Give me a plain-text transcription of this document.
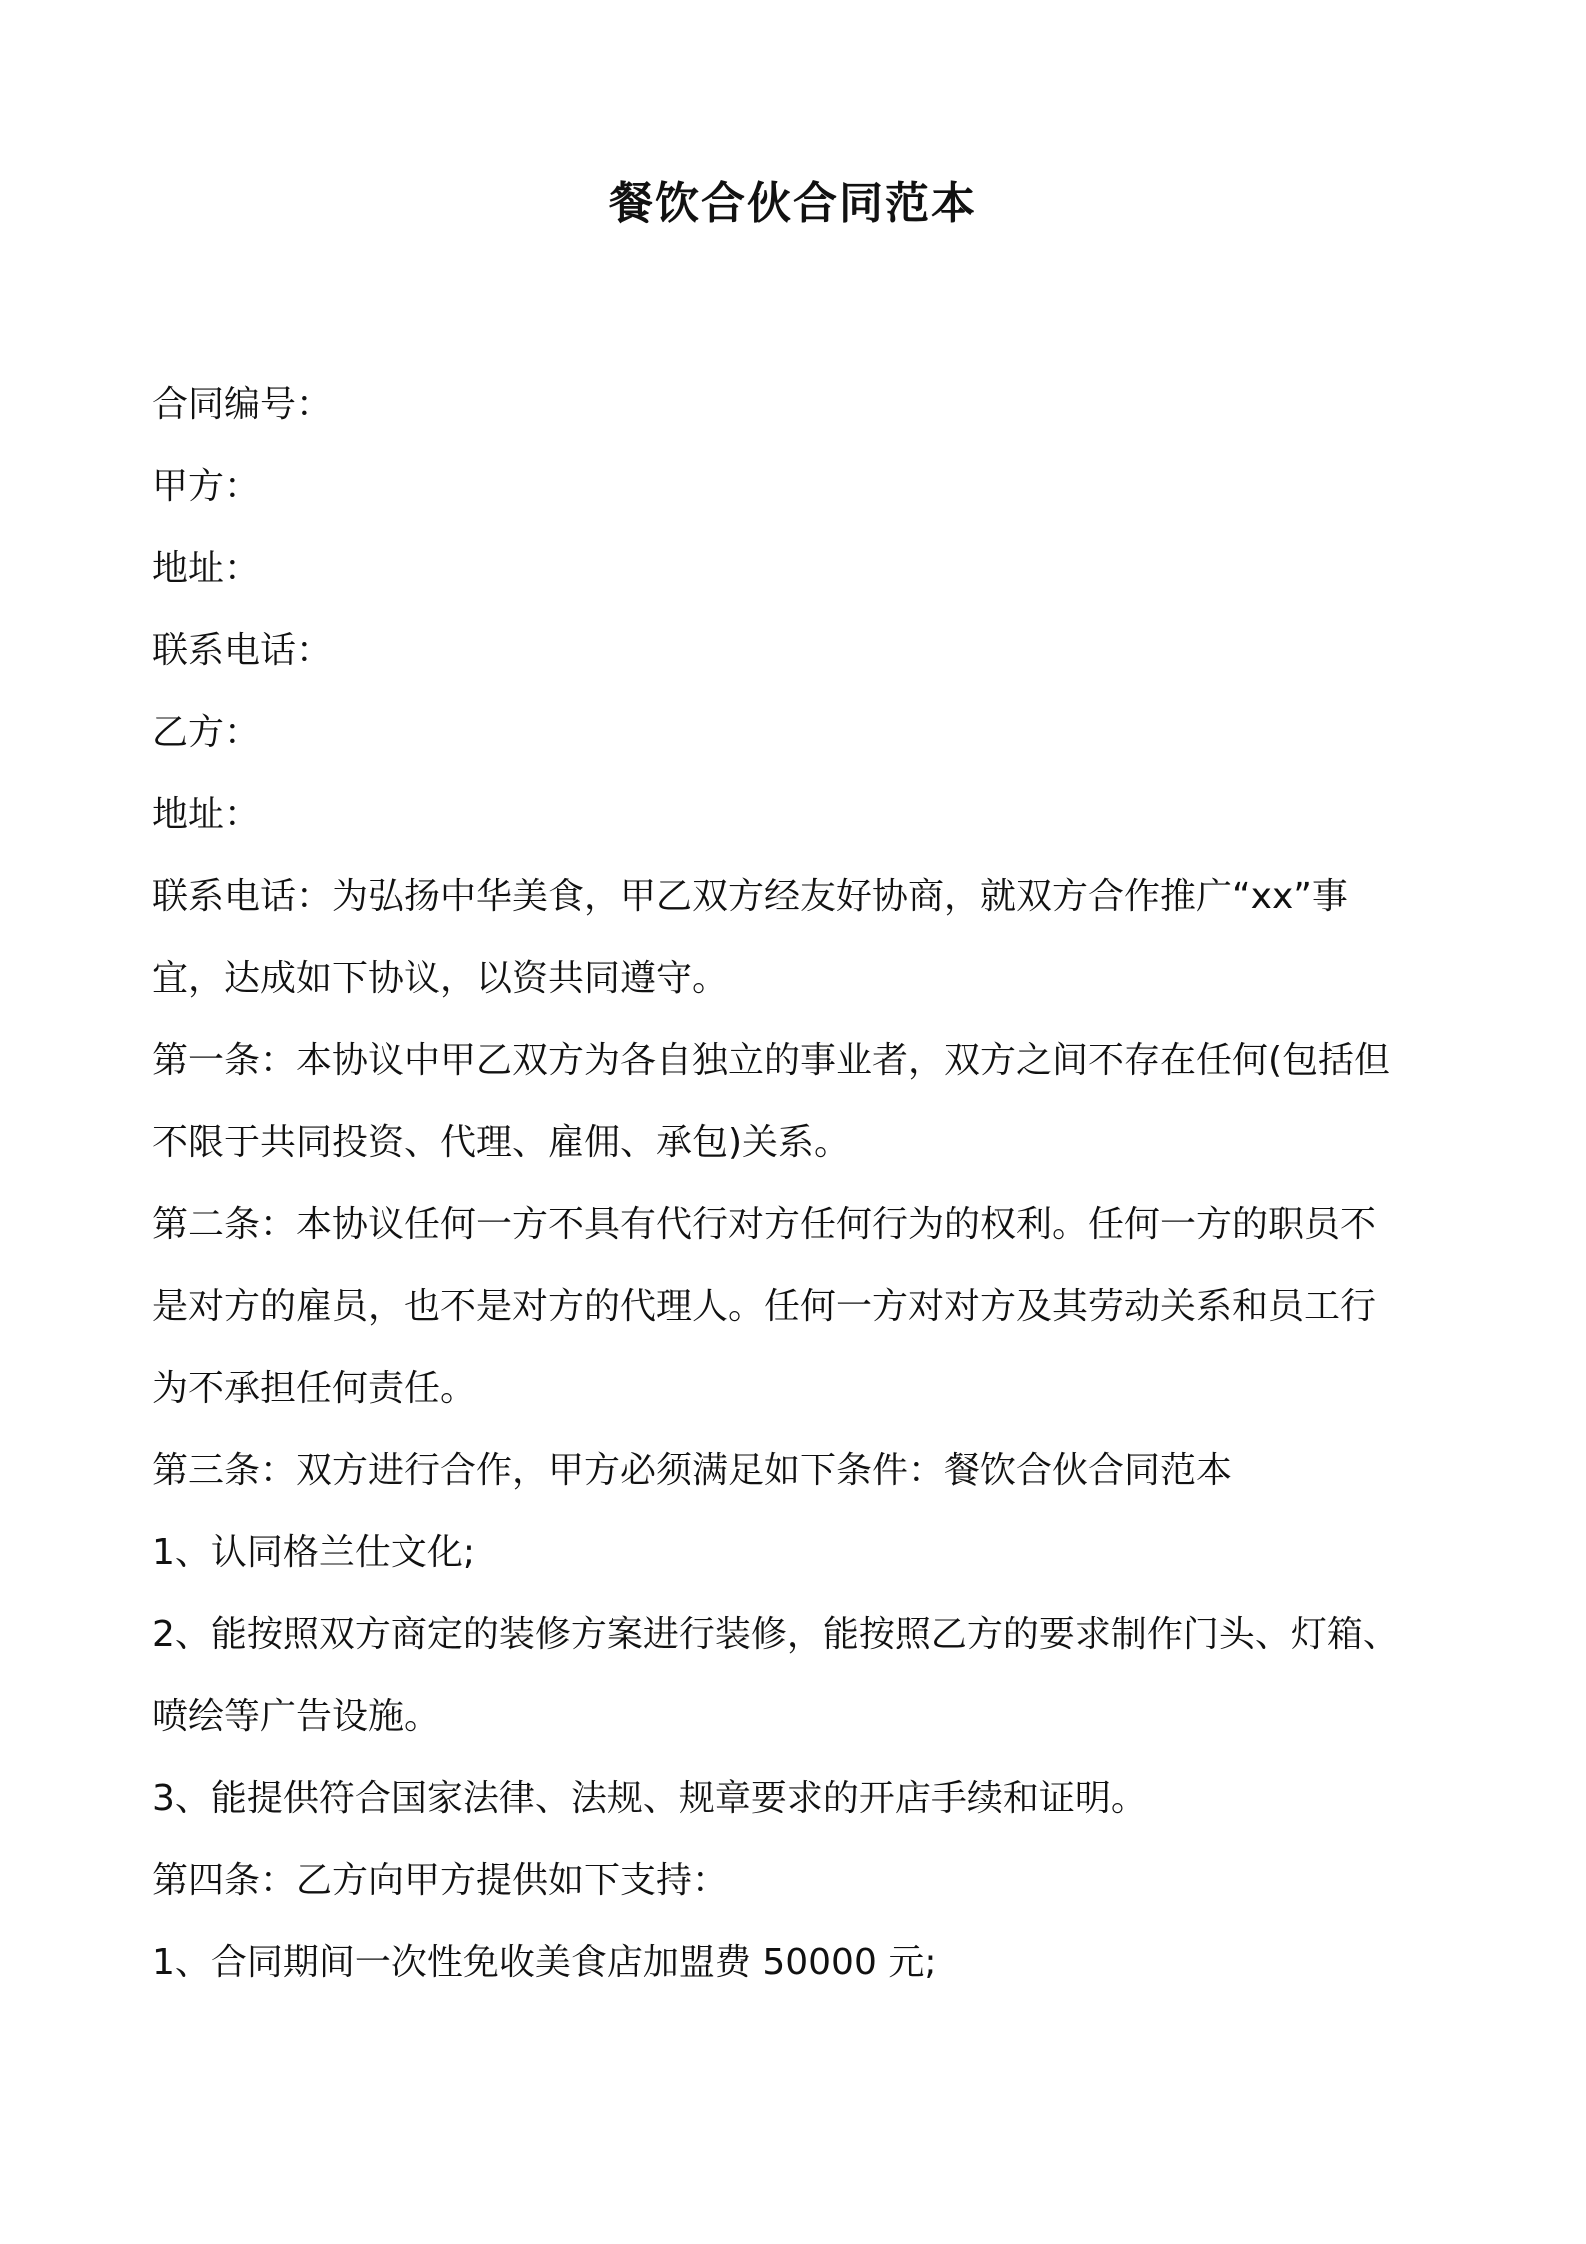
餐饮合伙合同范本

合同编号：

甲方：

地址：

联系电话：

乙方：

地址：

联系电话：为弘扬中华美食，甲乙双方经友好协商，就双方合作推广“xx”事

宜，达成如下协议，以资共同遵守。

第一条：本协议中甲乙双方为各自独立的事业者，双方之间不存在任何(包括但

不限于共同投资、代理、雇佣、承包)关系。

第二条：本协议任何一方不具有代行对方任何行为的权利。任何一方的职员不

是对方的雇员，也不是对方的代理人。任何一方对对方及其劳动关系和员工行

为不承担任何责任。

第三条：双方进行合作，甲方必须满足如下条件：餐饮合伙合同范本

1、认同格兰仕文化;

2、能按照双方商定的装修方案进行装修，能按照乙方的要求制作门头、灯箱、

喷绘等广告设施。

3、能提供符合国家法律、法规、规章要求的开店手续和证明。

第四条：乙方向甲方提供如下支持：

1、合同期间一次性免收美食店加盟费 50000 元;
